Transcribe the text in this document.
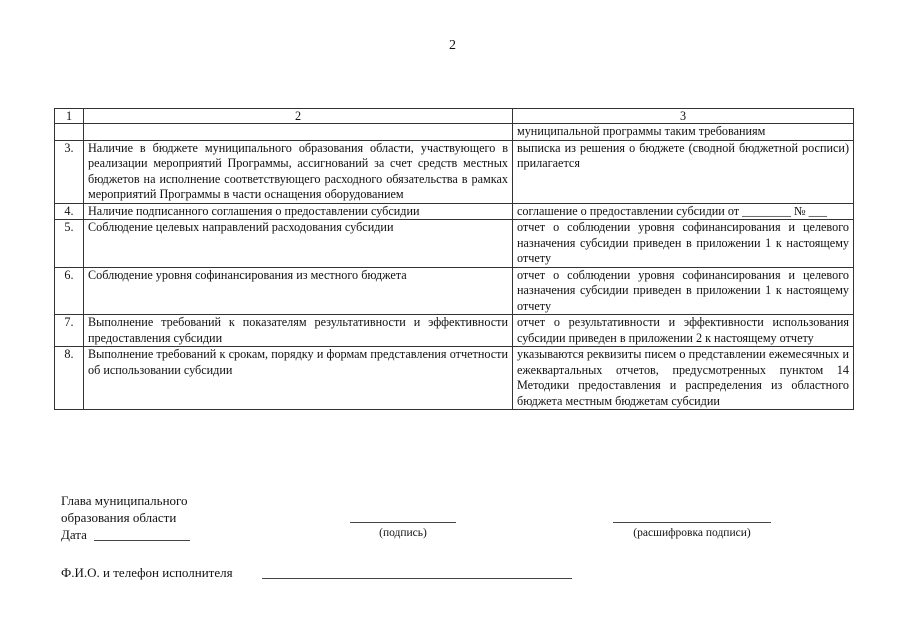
2
1	2	3
		муниципальной программы таким требованиям
3.	Наличие в бюджете муниципального образования области, участвующего в реализации мероприятий Программы, ассигнований за счет средств местных бюджетов на исполнение соответствующего расходного обязательства в рамках мероприятий Программы в части оснащения оборудованием	выписка из решения о бюджете (сводной бюджетной росписи) прилагается
4.	Наличие подписанного соглашения о предоставлении субсидии	соглашение о предоставлении субсидии от ________ № ___
5.	Соблюдение целевых направлений расходования субсидии	отчет о соблюдении уровня софинансирования и целевого назначения субсидии приведен в приложении 1 к настоящему отчету
6.	Соблюдение уровня софинансирования из местного бюджета	отчет о соблюдении уровня софинансирования и целевого назначения субсидии приведен в приложении 1 к настоящему отчету
7.	Выполнение требований к показателям результативности и эффективности предоставления субсидии	отчет о результативности и эффективности использования субсидии приведен в приложении 2 к настоящему отчету
8.	Выполнение требований к срокам, порядку и формам представления отчетности об использовании субсидии	указываются реквизиты писем о представлении ежемесячных и ежеквартальных отчетов, предусмотренных пунктом 14 Методики предоставления и распределения из областного бюджета местным бюджетам субсидии
Глава муниципального
образования области
Дата	(подпись)	(расшифровка подписи)
Ф.И.О. и телефон исполнителя
